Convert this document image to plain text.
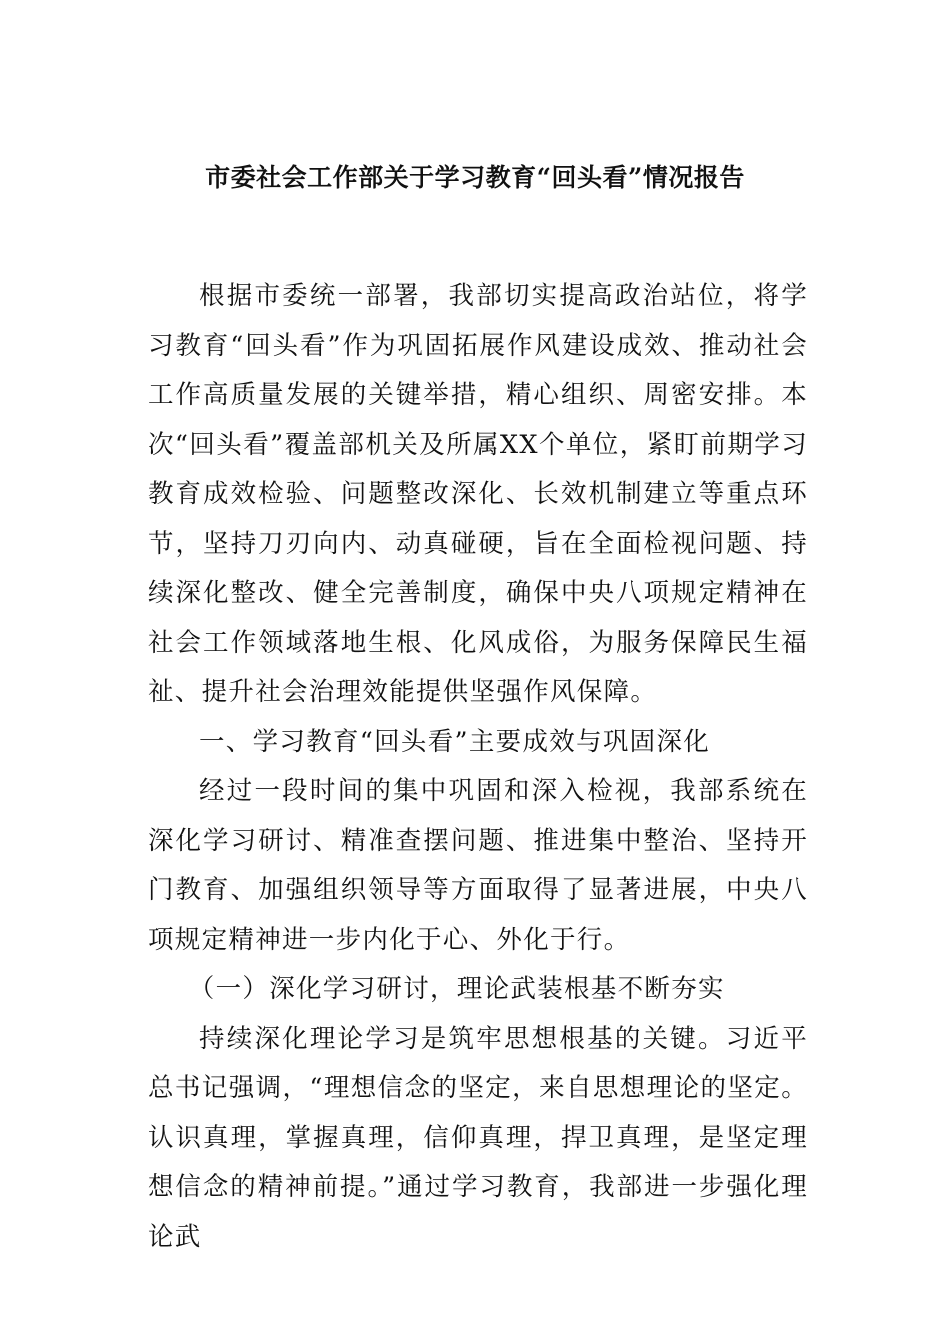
市委社会工作部关于学习教育“回头看”情况报告

根据市委统一部署，我部切实提高政治站位，将学习教育“回头看”作为巩固拓展作风建设成效、推动社会工作高质量发展的关键举措，精心组织、周密安排。本次“回头看”覆盖部机关及所属XX个单位，紧盯前期学习教育成效检验、问题整改深化、长效机制建立等重点环节，坚持刀刃向内、动真碰硬，旨在全面检视问题、持续深化整改、健全完善制度，确保中央八项规定精神在社会工作领域落地生根、化风成俗，为服务保障民生福祉、提升社会治理效能提供坚强作风保障。

一、学习教育“回头看”主要成效与巩固深化

经过一段时间的集中巩固和深入检视，我部系统在深化学习研讨、精准查摆问题、推进集中整治、坚持开门教育、加强组织领导等方面取得了显著进展，中央八项规定精神进一步内化于心、外化于行。

（一）深化学习研讨，理论武装根基不断夯实

持续深化理论学习是筑牢思想根基的关键。习近平总书记强调，“理想信念的坚定，来自思想理论的坚定。认识真理，掌握真理，信仰真理，捍卫真理，是坚定理想信念的精神前提。”通过学习教育，我部进一步强化理论武
